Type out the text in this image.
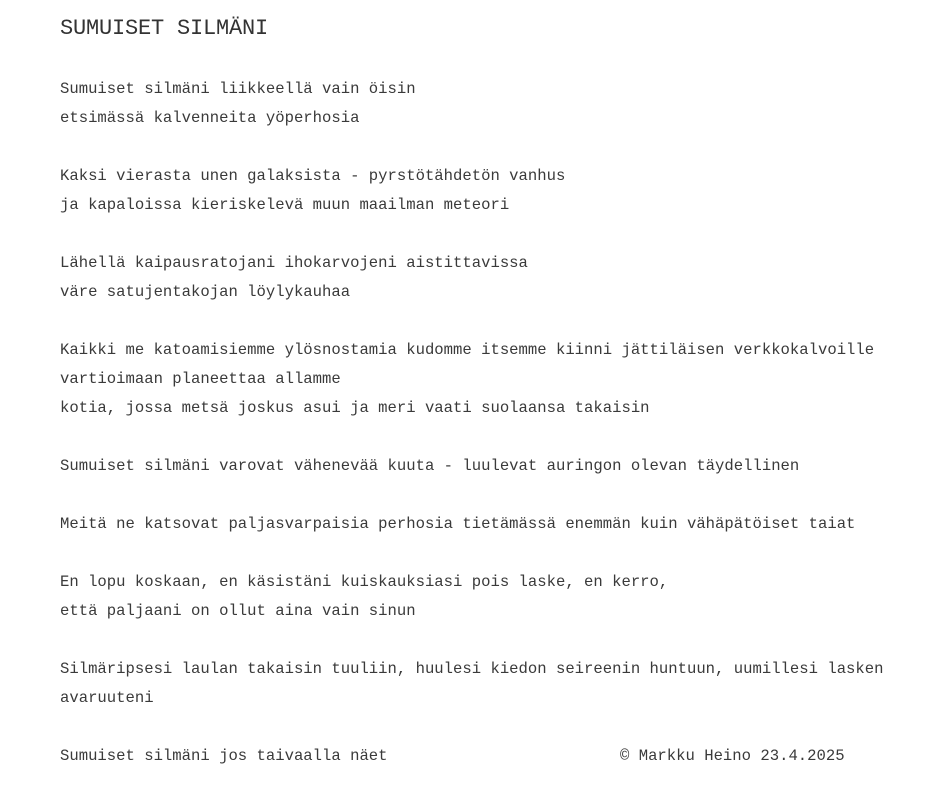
SUMUISET SILMÄNI
Sumuiset silmäni liikkeellä vain öisin
etsimässä kalvenneita yöperhosia
Kaksi vierasta unen galaksista - pyrstötähdetön vanhus
ja kapaloissa kieriskelevä muun maailman meteori
Lähellä kaipausratojani ihokarvojeni aistittavissa
väre satujentakojan löylykauhaa
Kaikki me katoamisiemme ylösnostamia kudomme itsemme kiinni jättiläisen verkkokalvoille
vartioimaan planeettaa allamme
kotia, jossa metsä joskus asui ja meri vaati suolaansa takaisin
Sumuiset silmäni varovat vähenevää kuuta - luulevat auringon olevan täydellinen
Meitä ne katsovat paljasvarpaisia perhosia tietämässä enemmän kuin vähäpätöiset taiat
En lopu koskaan, en käsistäni kuiskauksiasi pois laske, en kerro,
että paljaani on ollut aina vain sinun
Silmäripsesi laulan takaisin tuuliin, huulesi kiedon seireenin huntuun, uumillesi lasken
avaruuteni
Sumuiset silmäni jos taivaalla näet	© Markku Heino 23.4.2025
